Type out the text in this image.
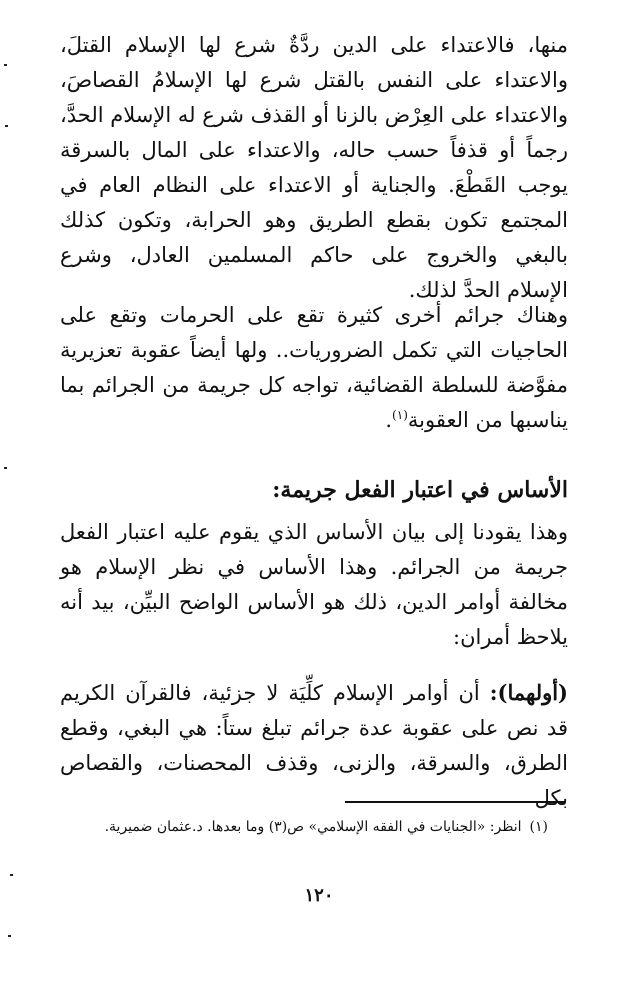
منها، فالاعتداء على الدين ردَّةٌ شرع لها الإسلام القتلَ، والاعتداء على النفس بالقتل شرع لها الإسلامُ القصاصَ، والاعتداء على العِرْض بالزنا أو القذف شرع له الإسلام الحدَّ، رجماً أو قذفاً حسب حاله، والاعتداء على المال بالسرقة يوجب القَطْعَ. والجناية أو الاعتداء على النظام العام في المجتمع تكون بقطع الطريق وهو الحرابة، وتكون كذلك بالبغي والخروج على حاكم المسلمين العادل، وشرع الإسلام الحدَّ لذلك.

وهناك جرائم أخرى كثيرة تقع على الحرمات وتقع على الحاجيات التي تكمل الضروريات.. ولها أيضاً عقوبة تعزيرية مفوَّضة للسلطة القضائية، تواجه كل جريمة من الجرائم بما يناسبها من العقوبة$^{(١)}$.

الأساس في اعتبار الفعل جريمة:

وهذا يقودنا إلى بيان الأساس الذي يقوم عليه اعتبار الفعل جريمة من الجرائم. وهذا الأساس في نظر الإسلام هو مخالفة أوامر الدين، ذلك هو الأساس الواضح البيِّن، بيد أنه يلاحظ أمران:

(أولهما): أن أوامر الإسلام كلِّيَة لا جزئية، فالقرآن الكريم قد نص على عقوبة عدة جرائم تبلغ ستاً: هي البغي، وقطع الطرق، والسرقة، والزنى، وقذف المحصنات، والقصاص بكل

(١)انظر: «الجنايات في الفقه الإسلامي» ص(٣) وما بعدها. د.عثمان ضميرية.
١٢٠
